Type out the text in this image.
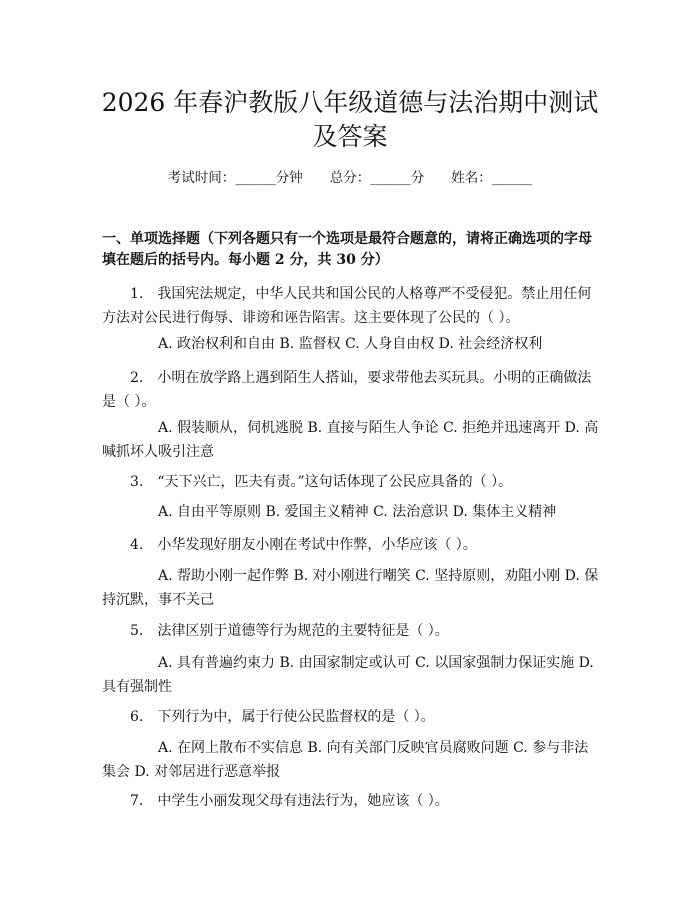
2026 年春沪教版八年级道德与法治期中测试
及答案
考试时间：______分钟　　 总分：______分　　 姓名：______
一、单项选择题（下列各题只有一个选项是最符合题意的，请将正确选项的字母填在题后的括号内。每小题 2 分，共 30 分）
1.　我国宪法规定，中华人民共和国公民的人格尊严不受侵犯。禁止用任何方法对公民进行侮辱、诽谤和诬告陷害。这主要体现了公民的（ ）。
A. 政治权利和自由 B. 监督权 C. 人身自由权 D. 社会经济权利
2.　小明在放学路上遇到陌生人搭讪，要求带他去买玩具。小明的正确做法是（ ）。
A. 假装顺从，伺机逃脱 B. 直接与陌生人争论 C. 拒绝并迅速离开 D. 高喊抓坏人吸引注意
3.　“天下兴亡，匹夫有责。”这句话体现了公民应具备的（ ）。
A. 自由平等原则 B. 爱国主义精神 C. 法治意识 D. 集体主义精神
4.　小华发现好朋友小刚在考试中作弊，小华应该（ ）。
A. 帮助小刚一起作弊 B. 对小刚进行嘲笑 C. 坚持原则，劝阻小刚 D. 保持沉默，事不关己
5.　法律区别于道德等行为规范的主要特征是（ ）。
A. 具有普遍约束力 B. 由国家制定或认可 C. 以国家强制力保证实施 D. 具有强制性
6.　下列行为中，属于行使公民监督权的是（ ）。
A. 在网上散布不实信息 B. 向有关部门反映官员腐败问题 C. 参与非法集会 D. 对邻居进行恶意举报
7.　中学生小丽发现父母有违法行为，她应该（ ）。
